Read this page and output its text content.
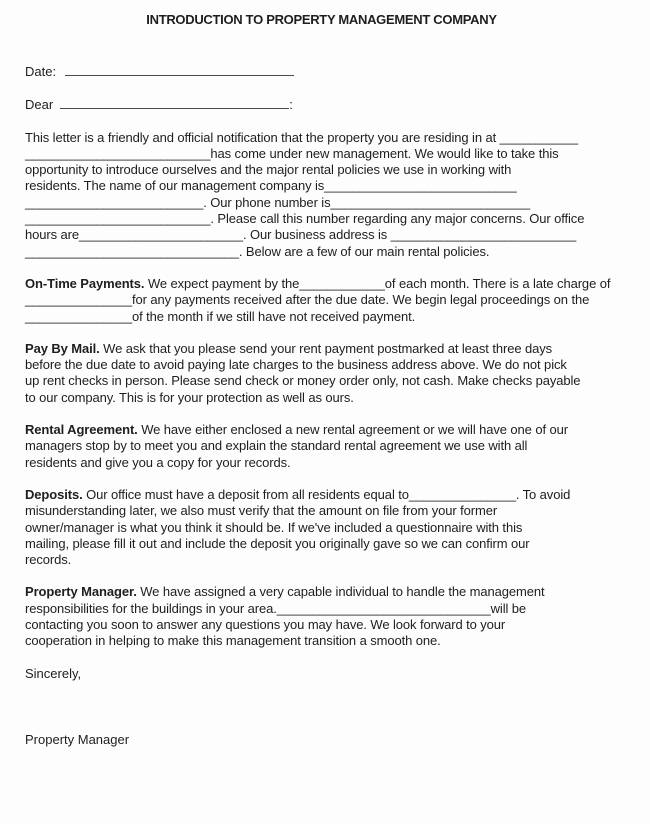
INTRODUCTION TO PROPERTY MANAGEMENT COMPANY
Date:
Dear	:
This letter is a friendly and official notification that the property you are residing in at ___________
__________________________has come under new management. We would like to take this
opportunity to introduce ourselves and the major rental policies we use in working with
residents. The name of our management company is___________________________
_________________________. Our phone number is____________________________
__________________________. Please call this number regarding any major concerns. Our office
hours are_______________________. Our business address is __________________________
______________________________. Below are a few of our main rental policies.
On-Time Payments. We expect payment by the____________of each month. There is a late charge of
_______________for any payments received after the due date. We begin legal proceedings on the
_______________of the month if we still have not received payment.
Pay By Mail. We ask that you please send your rent payment postmarked at least three days
before the due date to avoid paying late charges to the business address above. We do not pick
up rent checks in person. Please send check or money order only, not cash. Make checks payable
to our company. This is for your protection as well as ours.
Rental Agreement. We have either enclosed a new rental agreement or we will have one of our
managers stop by to meet you and explain the standard rental agreement we use with all
residents and give you a copy for your records.
Deposits. Our office must have a deposit from all residents equal to_______________. To avoid
misunderstanding later, we also must verify that the amount on file from your former
owner/manager is what you think it should be. If we've included a questionnaire with this
mailing, please fill it out and include the deposit you originally gave so we can confirm our
records.
Property Manager. We have assigned a very capable individual to handle the management
responsibilities for the buildings in your area.______________________________will be
contacting you soon to answer any questions you may have. We look forward to your
cooperation in helping to make this management transition a smooth one.
Sincerely,
Property Manager
